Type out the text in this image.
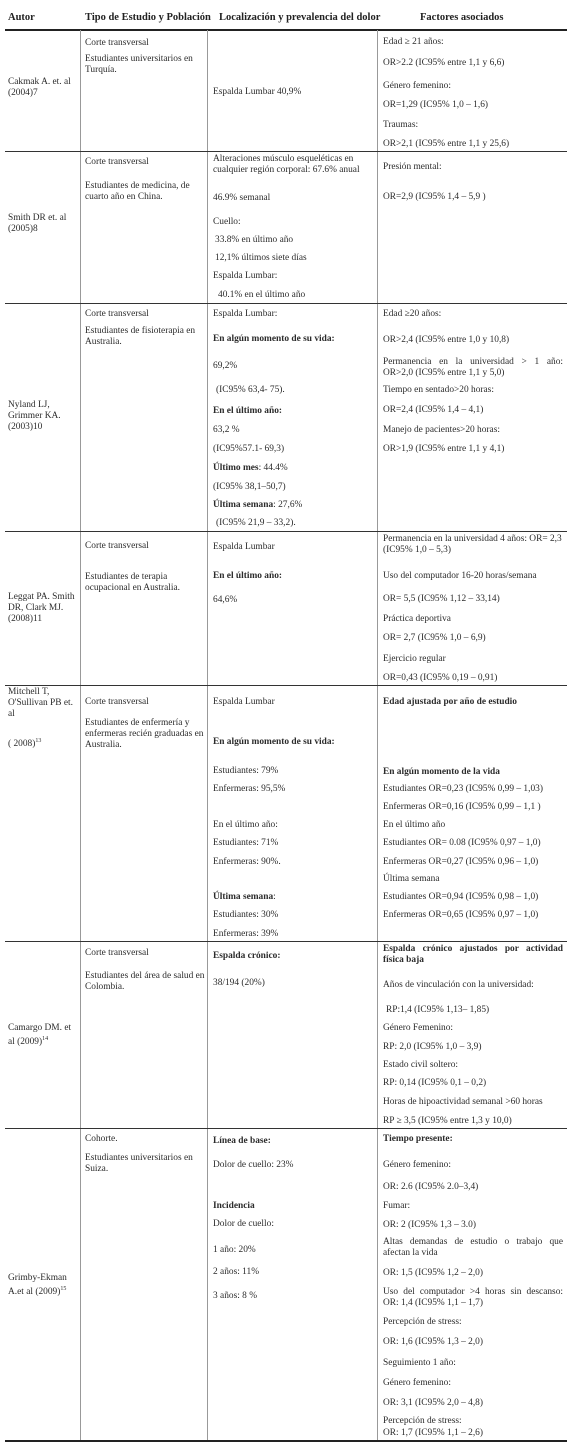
Autor	Tipo de Estudio y Población Localización y prevalencia del dolor	Factores asociados
Cakmak A. et. al (2004)7
Corte transversal
Estudiantes universitarios en Turquía.
Espalda Lumbar 40,9%
Edad ≥ 21 años:
OR>2.2 (IC95% entre 1,1 y 6,6)
Género femenino:
OR=1,29 (IC95% 1,0 – 1,6)
Traumas:
OR>2,1 (IC95% entre 1,1 y 25,6)
Smith DR et. al (2005)8
Corte transversal
Estudiantes de medicina, de cuarto año en China.
Alteraciones músculo esqueléticas en cualquier región corporal: 67.6% anual
46.9% semanal
Cuello:
33.8% en último año
12,1% últimos siete días
Espalda Lumbar:
40.1% en el último año
Presión mental:
OR=2,9 (IC95% 1,4 – 5,9 )
Nyland LJ, Grimmer KA. (2003)10
Corte transversal
Estudiantes de fisioterapia en Australia.
Espalda Lumbar:
En algún momento de su vida:
69,2%
(IC95% 63,4- 75).
En el último año:
63,2 %
(IC95%57.1- 69,3)
Último mes: 44.4%
(IC95% 38,1–50,7)
Última semana: 27,6%
(IC95% 21,9 – 33,2).
Edad ≥20 años:
OR>2,4 (IC95% entre 1,0 y 10,8)
Permanencia en la universidad > 1 año: OR>2,0 (IC95% entre 1,1 y 5,0)
Tiempo en sentado>20 horas:
OR=2,4 (IC95% 1,4 – 4,1)
Manejo de pacientes>20 horas:
OR>1,9 (IC95% entre 1,1 y 4,1)
Leggat PA. Smith DR, Clark MJ.(2008)11
Corte transversal
Estudiantes de terapia ocupacional en Australia.
Espalda Lumbar
En el último año:
64,6%
Permanencia en la universidad 4 años: OR= 2,3 (IC95% 1,0 – 5,3)
Uso del computador 16-20 horas/semana
OR= 5,5 (IC95% 1,12 – 33,14)
Práctica deportiva
OR= 2,7 (IC95% 1,0 – 6,9)
Ejercicio regular
OR=0,43 (IC95% 0,19 – 0,91)
Mitchell T, O'Sullivan PB et. al
( 2008)$^{13}$
Corte transversal
Estudiantes de enfermería y enfermeras recién graduadas en Australia.
Espalda Lumbar
En algún momento de su vida:
Estudiantes: 79%
Enfermeras: 95,5%
En el último año:
Estudiantes: 71%
Enfermeras: 90%.
Última semana:
Estudiantes: 30%
Enfermeras: 39%
Edad ajustada por año de estudio
En algún momento de la vida
Estudiantes OR=0,23 (IC95% 0,99 – 1,03)
Enfermeras OR=0,16 (IC95% 0,99 – 1,1 )
En el último año
Estudiantes OR= 0.08 (IC95% 0,97 – 1,0)
Enfermeras OR=0,27 (IC95% 0,96 – 1,0)
Última semana
Estudiantes OR=0,94 (IC95% 0,98 – 1,0)
Enfermeras OR=0,65 (IC95% 0,97 – 1,0)
Camargo DM. et al $(2009)^{14}$
Corte transversal
Estudiantes del área de salud en Colombia.
Espalda crónico:
38/194 (20%)
Espalda crónico ajustados por actividad física baja
Años de vinculación con la universidad:
RP:1,4 (IC95% 1,13– 1,85)
Género Femenino:
RP: 2,0 (IC95% 1,0 – 3,9)
Estado civil soltero:
RP: 0,14 (IC95% 0,1 – 0,2)
Horas de hipoactividad semanal >60 horas
RP ≥ 3,5 (IC95% entre 1,3 y 10,0)
Grimby-Ekman A.et al $(2009)^{15}$
Cohorte.
Estudiantes universitarios en Suiza.
Línea de base:
Dolor de cuello: 23%
Incidencia
Dolor de cuello:
1 año: 20%
2 años: 11%
3 años: 8 %
Tiempo presente:
Género femenino:
OR: 2.6 (IC95% 2.0–3,4)
Fumar:
OR: 2 (IC95% 1,3 – 3.0)
Altas demandas de estudio o trabajo que afectan la vida
OR: 1,5 (IC95% 1,2 – 2,0)
Uso del computador >4 horas sin descanso: OR: 1,4 (IC95% 1,1 – 1,7)
Percepción de stress:
OR: 1,6 (IC95% 1,3 – 2,0)
Seguimiento 1 año:
Género femenino:
OR: 3,1 (IC95% 2,0 – 4,8)
Percepción de stress:
OR: 1,7 (IC95% 1,1 – 2,6)
